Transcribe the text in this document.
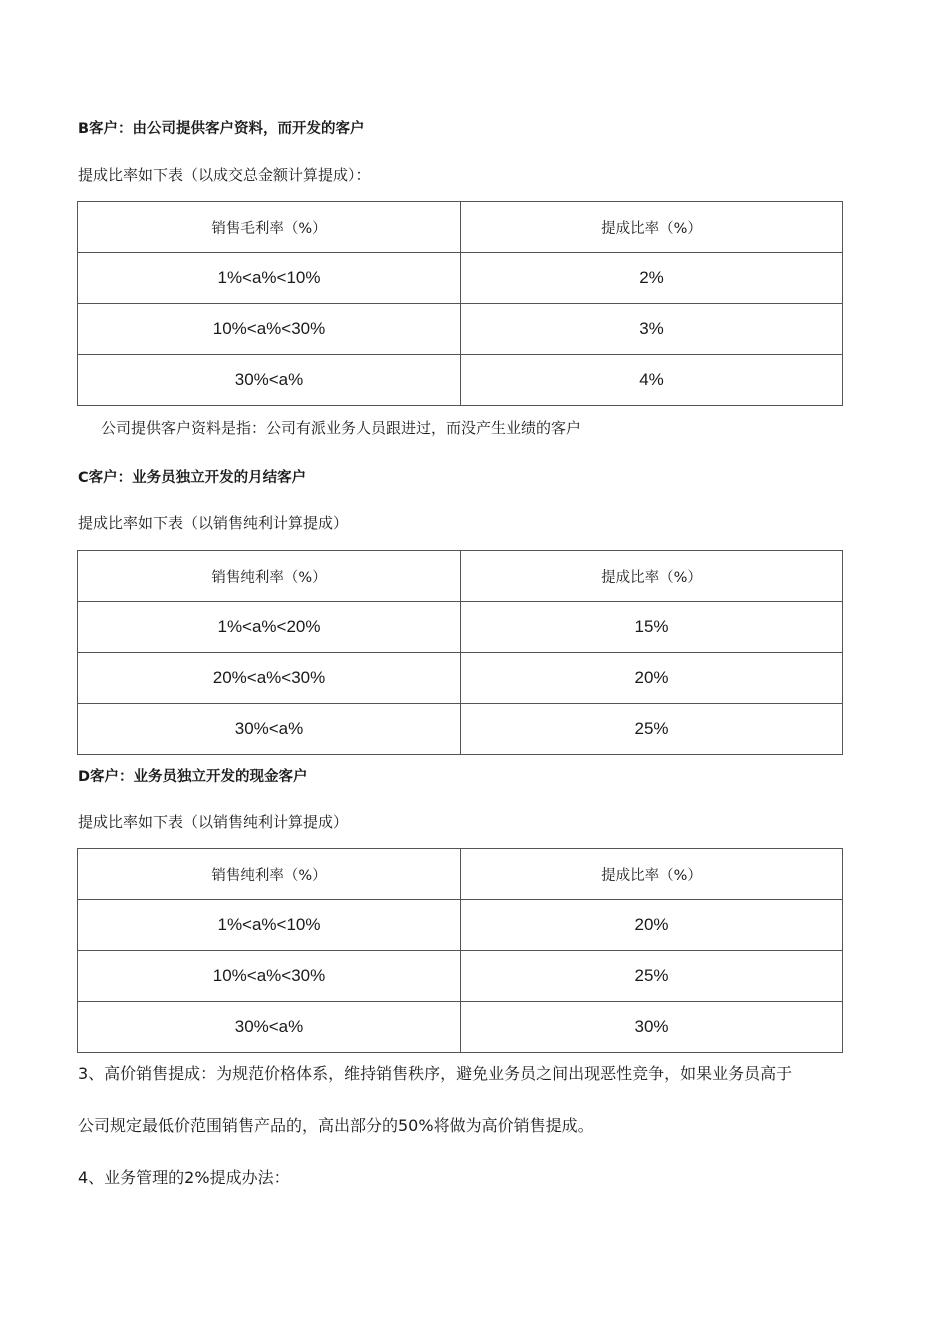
B客户：由公司提供客户资料，而开发的客户
提成比率如下表（以成交总金额计算提成）：
销售毛利率（%）	提成比率（%）
1%<a%<10%	2%
10%<a%<30%	3%
30%<a%	4%
公司提供客户资料是指：公司有派业务人员跟进过，而没产生业绩的客户
C客户：业务员独立开发的月结客户
提成比率如下表（以销售纯利计算提成）
销售纯利率（%）	提成比率（%）
1%<a%<20%	15%
20%<a%<30%	20%
30%<a%	25%
D客户：业务员独立开发的现金客户
提成比率如下表（以销售纯利计算提成）
销售纯利率（%）	提成比率（%）
1%<a%<10%	20%
10%<a%<30%	25%
30%<a%	30%
3、高价销售提成：为规范价格体系，维持销售秩序，避免业务员之间出现恶性竞争，如果业务员高于
公司规定最低价范围销售产品的，高出部分的50%将做为高价销售提成。
4、业务管理的2%提成办法：
